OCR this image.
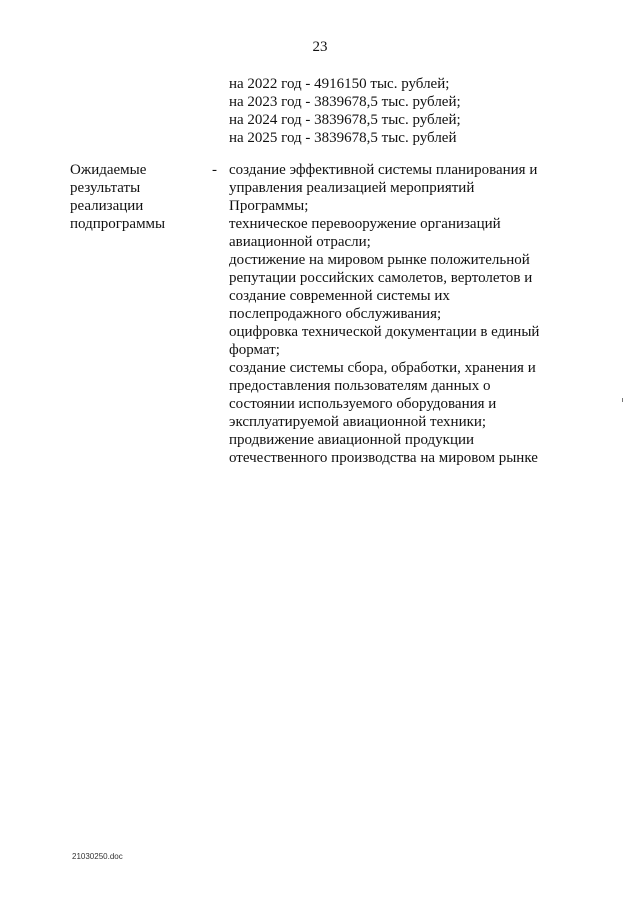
23
на 2022 год - 4916150 тыс. рублей;
на 2023 год - 3839678,5 тыс. рублей;
на 2024 год - 3839678,5 тыс. рублей;
на 2025 год - 3839678,5 тыс. рублей
Ожидаемые
результаты
реализации
подпрограммы
- создание эффективной системы планирования и
управления реализацией мероприятий
Программы;
техническое перевооружение организаций
авиационной отрасли;
достижение на мировом рынке положительной
репутации российских самолетов, вертолетов и
создание современной системы их
послепродажного обслуживания;
оцифровка технической документации в единый
формат;
создание системы сбора, обработки, хранения и
предоставления пользователям данных о
состоянии используемого оборудования и
эксплуатируемой авиационной техники;
продвижение авиационной продукции
отечественного производства на мировом рынке
21030250.doc
